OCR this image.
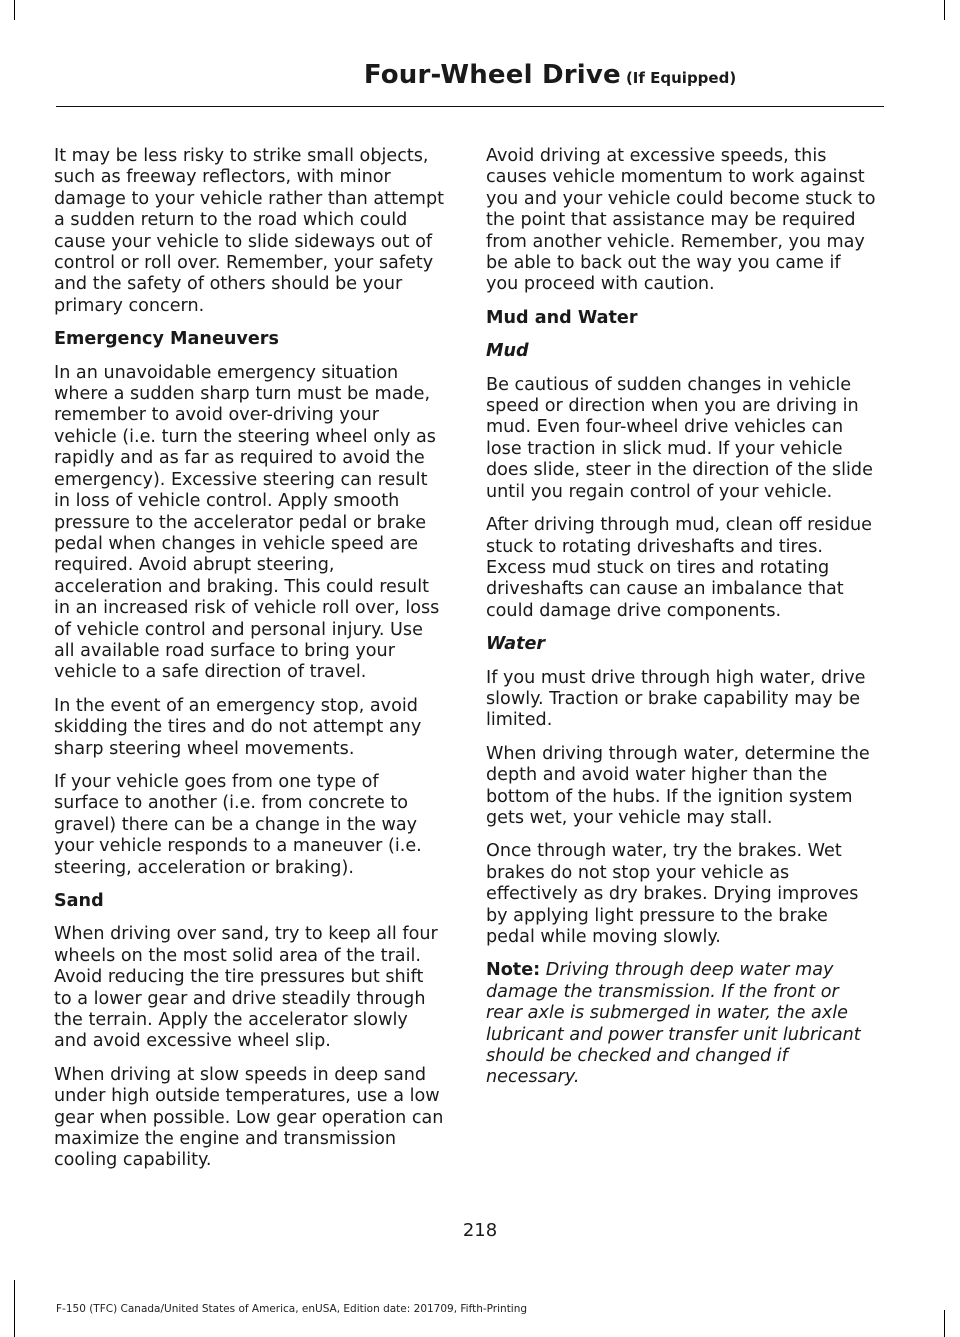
Four-Wheel Drive (If Equipped)

It may be less risky to strike small objects, such as freeway reflectors, with minor damage to your vehicle rather than attempt a sudden return to the road which could cause your vehicle to slide sideways out of control or roll over. Remember, your safety and the safety of others should be your primary concern.

Emergency Maneuvers

In an unavoidable emergency situation where a sudden sharp turn must be made, remember to avoid over-driving your vehicle (i.e. turn the steering wheel only as rapidly and as far as required to avoid the emergency). Excessive steering can result in loss of vehicle control. Apply smooth pressure to the accelerator pedal or brake pedal when changes in vehicle speed are required. Avoid abrupt steering, acceleration and braking. This could result in an increased risk of vehicle roll over, loss of vehicle control and personal injury. Use all available road surface to bring your vehicle to a safe direction of travel.

In the event of an emergency stop, avoid skidding the tires and do not attempt any sharp steering wheel movements.

If your vehicle goes from one type of surface to another (i.e. from concrete to gravel) there can be a change in the way your vehicle responds to a maneuver (i.e. steering, acceleration or braking).

Sand

When driving over sand, try to keep all four wheels on the most solid area of the trail. Avoid reducing the tire pressures but shift to a lower gear and drive steadily through the terrain. Apply the accelerator slowly and avoid excessive wheel slip.

When driving at slow speeds in deep sand under high outside temperatures, use a low gear when possible. Low gear operation can maximize the engine and transmission cooling capability.

Avoid driving at excessive speeds, this causes vehicle momentum to work against you and your vehicle could become stuck to the point that assistance may be required from another vehicle. Remember, you may be able to back out the way you came if you proceed with caution.

Mud and Water
Mud

Be cautious of sudden changes in vehicle speed or direction when you are driving in mud. Even four-wheel drive vehicles can lose traction in slick mud. If your vehicle does slide, steer in the direction of the slide until you regain control of your vehicle.

After driving through mud, clean off residue stuck to rotating driveshafts and tires. Excess mud stuck on tires and rotating driveshafts can cause an imbalance that could damage drive components.

Water

If you must drive through high water, drive slowly. Traction or brake capability may be limited.

When driving through water, determine the depth and avoid water higher than the bottom of the hubs. If the ignition system gets wet, your vehicle may stall.

Once through water, try the brakes. Wet brakes do not stop your vehicle as effectively as dry brakes. Drying improves by applying light pressure to the brake pedal while moving slowly.

Note: Driving through deep water may damage the transmission. If the front or rear axle is submerged in water, the axle lubricant and power transfer unit lubricant should be checked and changed if necessary.

218
F-150 (TFC) Canada/United States of America, enUSA, Edition date: 201709, Fifth-Printing
